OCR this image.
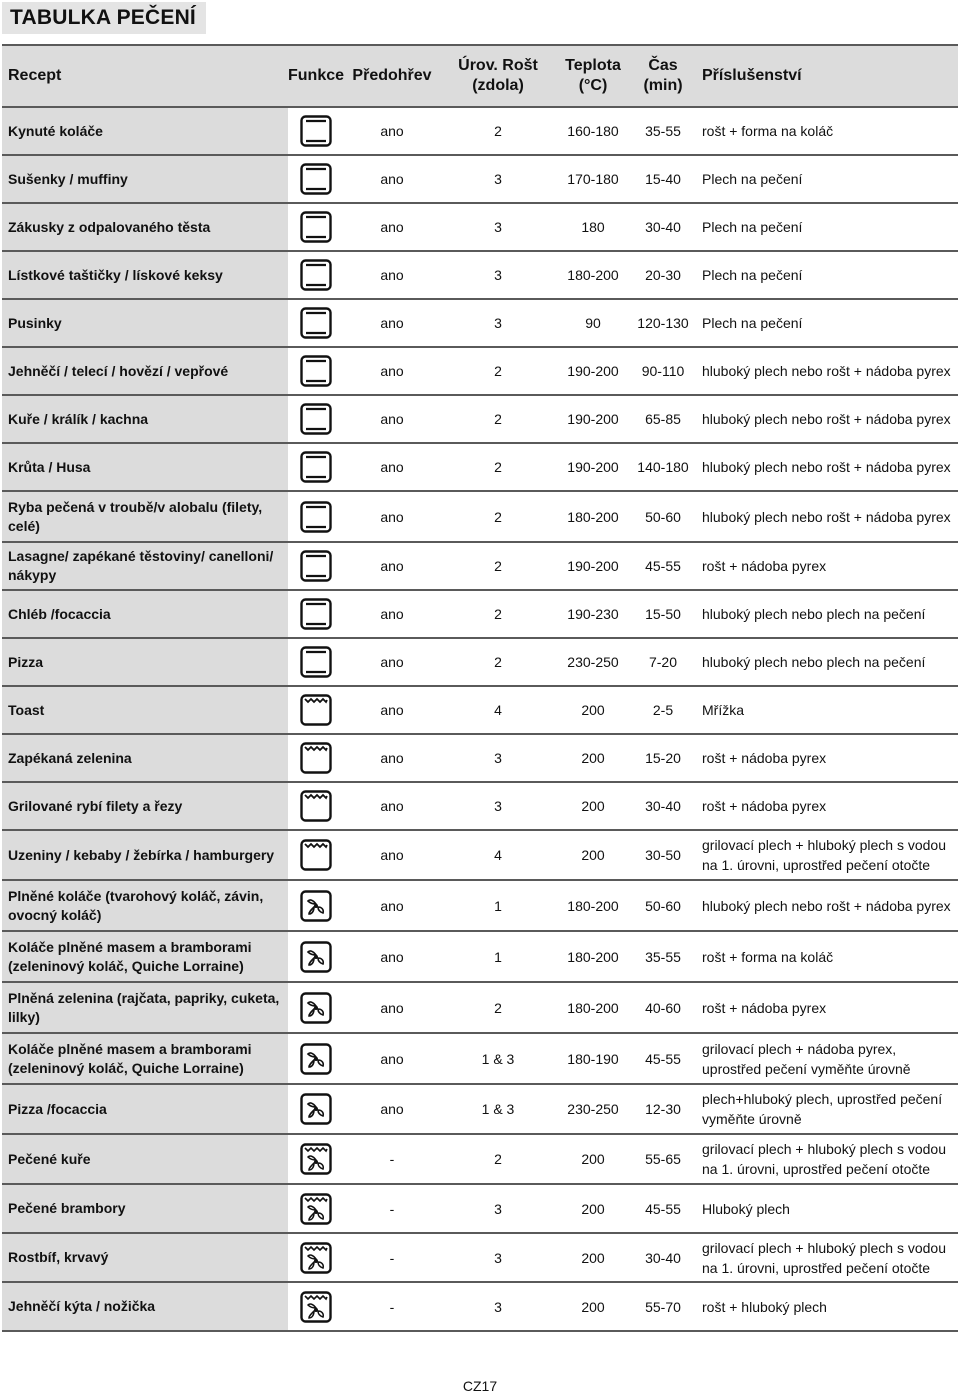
TABULKA PEČENÍ
Recept	Funkce	Předohřev	Úrov. Rošt (zdola)	Teplota (°C)	Čas (min)	Příslušenství
Kynuté koláče		ano	2	160-180	35-55	rošt + forma na koláč
Sušenky / muffiny		ano	3	170-180	15-40	Plech na pečení
Zákusky z odpalovaného těsta		ano	3	180	30-40	Plech na pečení
Lístkové taštičky / lískové keksy		ano	3	180-200	20-30	Plech na pečení
Pusinky		ano	3	90	120-130	Plech na pečení
Jehněčí / telecí / hovězí / vepřové		ano	2	190-200	90-110	hluboký plech nebo rošt + nádoba pyrex
Kuře / králík / kachna		ano	2	190-200	65-85	hluboký plech nebo rošt + nádoba pyrex
Krůta / Husa		ano	2	190-200	140-180	hluboký plech nebo rošt + nádoba pyrex
Ryba pečená v troubě/v alobalu (filety, celé)		ano	2	180-200	50-60	hluboký plech nebo rošt + nádoba pyrex
Lasagne/ zapékané těstoviny/ canelloni/ nákypy		ano	2	190-200	45-55	rošt + nádoba pyrex
Chléb /focaccia		ano	2	190-230	15-50	hluboký plech nebo plech na pečení
Pizza		ano	2	230-250	7-20	hluboký plech nebo plech na pečení
Toast		ano	4	200	2-5	Mřížka
Zapékaná zelenina		ano	3	200	15-20	rošt + nádoba pyrex
Grilované rybí filety a řezy		ano	3	200	30-40	rošt + nádoba pyrex
Uzeniny / kebaby / žebírka / hamburgery		ano	4	200	30-50	grilovací plech + hluboký plech s vodou na 1. úrovni, uprostřed pečení otočte
Plněné koláče (tvarohový koláč, závin, ovocný koláč)		ano	1	180-200	50-60	hluboký plech nebo rošt + nádoba pyrex
Koláče plněné masem a bramborami (zeleninový koláč, Quiche Lorraine)		ano	1	180-200	35-55	rošt + forma na koláč
Plněná zelenina (rajčata, papriky, cuketa, lilky)		ano	2	180-200	40-60	rošt + nádoba pyrex
Koláče plněné masem a bramborami (zeleninový koláč, Quiche Lorraine)		ano	1 & 3	180-190	45-55	grilovací plech + nádoba pyrex, uprostřed pečení vyměňte úrovně
Pizza /focaccia		ano	1 & 3	230-250	12-30	plech+hluboký plech, uprostřed pečení vyměňte úrovně
Pečené kuře		-	2	200	55-65	grilovací plech + hluboký plech s vodou na 1. úrovni, uprostřed pečení otočte
Pečené brambory		-	3	200	45-55	Hluboký plech
Rostbíf, krvavý		-	3	200	30-40	grilovací plech + hluboký plech s vodou na 1. úrovni, uprostřed pečení otočte
Jehněčí kýta / nožička		-	3	200	55-70	rošt + hluboký plech
CZ17
